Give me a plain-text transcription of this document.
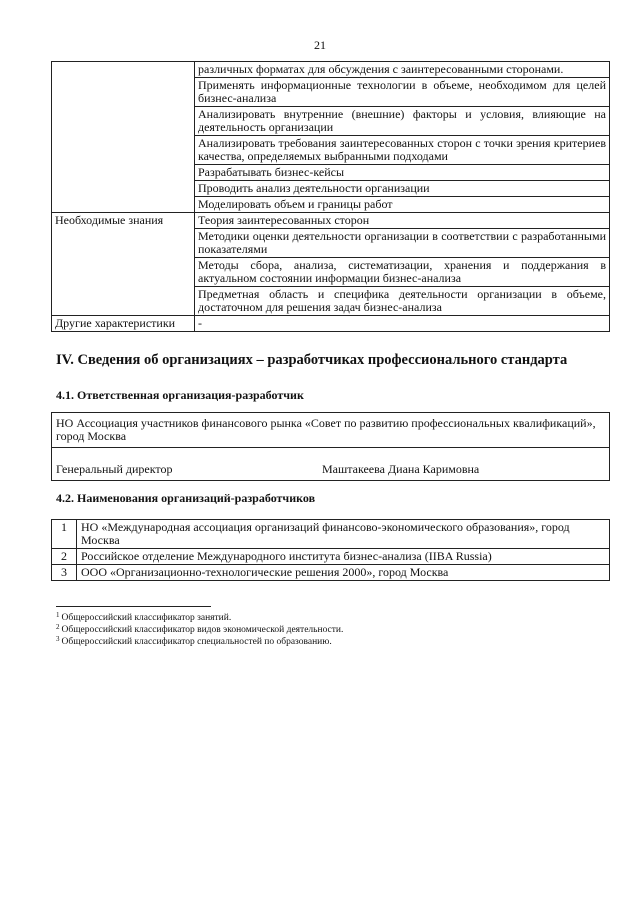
21
	различных форматах для обсуждения с заинтересованными сторонами.
	Применять информационные технологии в объеме, необходимом для целей бизнес-анализа
	Анализировать внутренние (внешние) факторы и условия, влияющие на деятельность организации
	Анализировать требования заинтересованных сторон с точки зрения критериев качества, определяемых выбранными подходами
	Разрабатывать бизнес-кейсы
	Проводить анализ деятельности организации
	Моделировать объем и границы работ
Необходимые знания	Теория заинтересованных сторон
	Методики оценки деятельности организации в соответствии с разработанными показателями
	Методы сбора, анализа, систематизации, хранения и поддержания в актуальном состоянии информации бизнес-анализа
	Предметная область и специфика деятельности организации в объеме, достаточном для решения задач бизнес-анализа
Другие характеристики	-
IV. Сведения об организациях – разработчиках профессионального стандарта
4.1. Ответственная организация-разработчик
НО Ассоциация участников финансового рынка «Совет по развитию профессиональных квалификаций», город Москва

Генеральный директор	Маштакеева Диана Каримовна
4.2. Наименования организаций-разработчиков
1	НО «Международная ассоциация организаций финансово-экономического образования», город Москва
2	Российское отделение Международного института бизнес-анализа (IIBA Russia)
3	ООО «Организационно-технологические решения 2000», город Москва
$^1$ Общероссийский классификатор занятий.
$^2$ Общероссийский классификатор видов экономической деятельности.
$^3$ Общероссийский классификатор специальностей по образованию.
